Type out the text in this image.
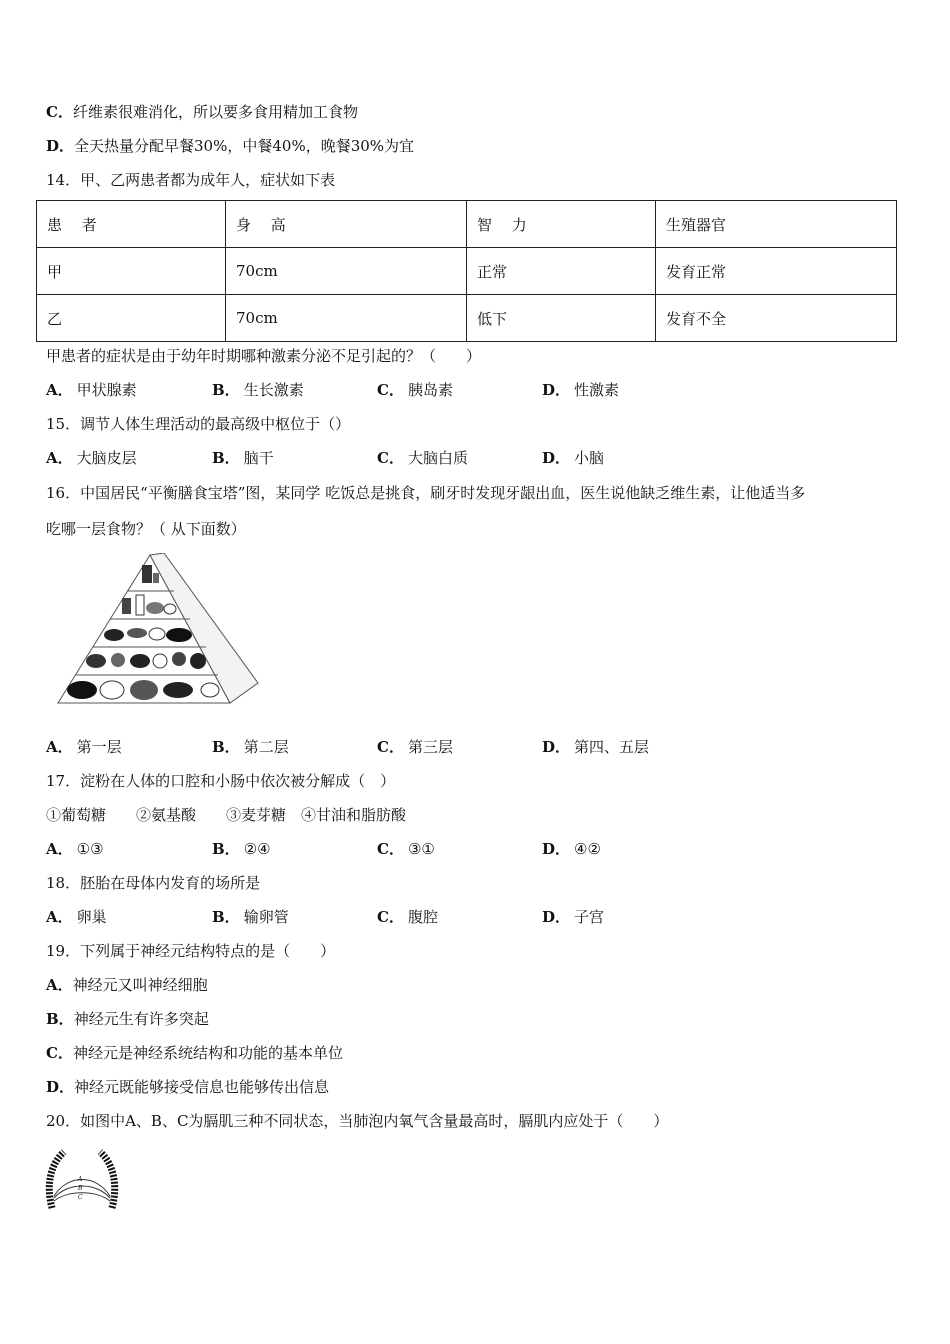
C．纤维素很难消化，所以要多食用精加工食物
D．全天热量分配早餐30%，中餐40%，晚餐30%为宜
14．甲、乙两患者都为成年人，症状如下表
患　 者	身　 高	智　 力	生殖器官
甲	70cm	正常	发育正常
乙	70cm	低下	发育不全
甲患者的症状是由于幼年时期哪种激素分泌不足引起的？（　　）
A． 甲状腺素	B． 生长激素	C． 胰岛素	D． 性激素
15．调节人体生理活动的最高级中枢位于（）
A． 大脑皮层	B． 脑干	C． 大脑白质	D． 小脑
16．中国居民“平衡膳食宝塔”图，某同学 吃饭总是挑食，刷牙时发现牙龈出血，医生说他缺乏维生素，让他适当多
吃哪一层食物？（ 从下面数）
A． 第一层	B． 第二层	C． 第三层	D． 第四、五层
17．淀粉在人体的口腔和小肠中依次被分解成（　）
①葡萄糖　　②氨基酸　　③麦芽糖　④甘油和脂肪酸
A． ①③	B． ②④	C． ③①	D． ④②
18．胚胎在母体内发育的场所是
A． 卵巢	B． 输卵管	C． 腹腔	D． 子宫
19．下列属于神经元结构特点的是（　　）
A．神经元又叫神经细胞
B．神经元生有许多突起
C．神经元是神经系统结构和功能的基本单位
D．神经元既能够接受信息也能够传出信息
20．如图中A、B、C为膈肌三种不同状态，当肺泡内氧气含量最高时，膈肌内应处于（　　）
A
B
C
